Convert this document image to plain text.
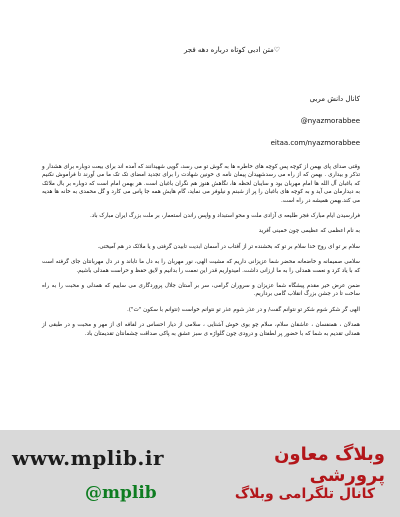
♡متن ادبی کوتاه درباره دهه فجر
کانال دانش مربی
@nyazmorabbee
eitaa.com/nyazmorabbee

وقتی صدای پای بهمن از کوچه پس کوچه های خاطره ها به گوش تو می رسد، گویی شهیدانند که آمده اند برای بیعت دوباره برای هشدار و تذکر و بیداری . بهمن که از راه می رسدشهیدان پیمان نامه ی خونین شهادت را برای تجدید امضای تک تک ما می آورند تا فراموش نکنیم که باغبان آل الله ها امام مهربان بود و سایبان لحظه ها، نگاهش هنوز هم نگران باغبان است. هر بهمن امام است که دوباره بر بال ملائک به دیدارمان می آید و به کوچه های باغبان را پر از شبنم و نیلوفر می نماید، گام هایش همه جا پاس می کارد و گل محمدی به خانه ها هدیه می کند.بهمن همیشه در راه است.

فرارسیدن ایام مبارک فجر طلیعه ی آزادی ملت و محو استبداد و واپس راندن استعمار، بر ملت بزرگ ایران مبارک باد.

به نام اعظمی که عظیمی چون خمینی آفرید

سلام بر تو ای روح خدا سلام بر تو که بخشنده تر از آفتاب در آسمان ابدیت تابیدن گرفتی و یا ملائک در هم آمیختی.

سلامی صمیمانه و خاضعانه محضر شما عزیزانی داریم که مشیت الهی، نور مهربان را به دل ما تاباند و در دل مهربانتان جای گرفته است که با یاد کرد و نعمت همدلی را به ما ارزانی داشت. امیدواریم قدر این نعمت را بدانیم و لایق حفظ و حراست همدلی باشیم.

ضمن عرض خیر مقدم پیشگاه شما عزیزان و سروران گرامی، سر بر آستان جلال پروردگاری می ساییم که همدلی و محبت را به راه ساخت تا در جشن بزرگ انقلاب گامی برداریم.

الهی گر شکر شوم شکر تو نتوانم گفت/ و در عذر شوم عذر تو نتوانم خواست (نتوانم با سکون "ت").

همدلان ، همنفسان ، عاشقان سلام، سلام چو بوی خوش آشنایی ، سلامی از دیار احساس در لفافه ای از مهر و محبت و در طبقی از همدلی تقدیم به شما که با حضور پر لطفتان و درودی چون گلواژه ی سبز عشق به پاکی صداقت چشمانتان تقدیمتان باد.

www.mplib.ir
@mplib
وبلاگ معاون پرورشی
کانال تلگرامی وبلاگ
